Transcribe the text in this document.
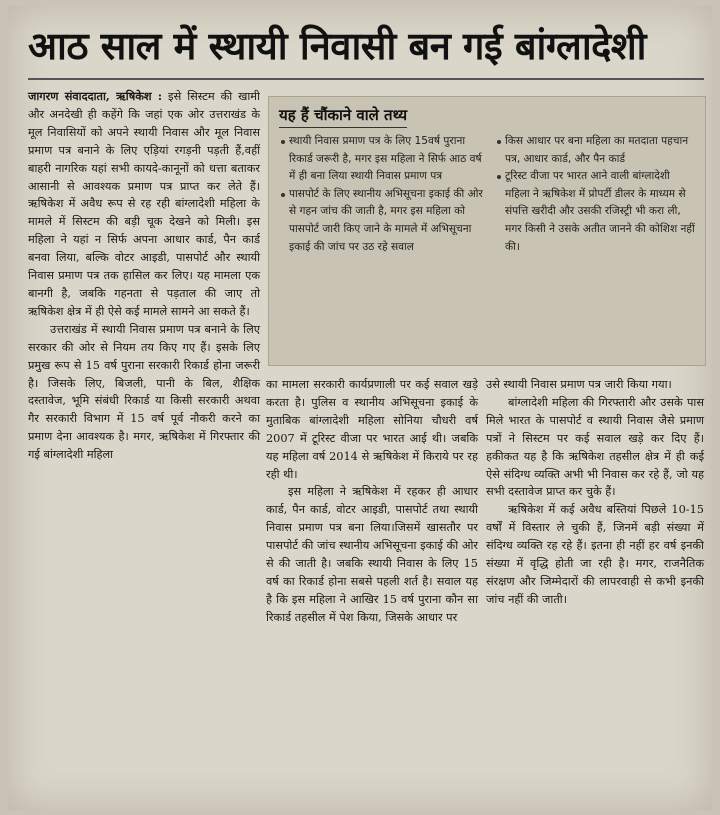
आठ साल में स्थायी निवासी बन गई बांग्लादेशी

जागरण संवाददाता, ऋषिकेश : इसे सिस्टम की खामी और अनदेखी ही कहेंगे कि जहां एक ओर उत्तराखंड के मूल निवासियों को अपने स्थायी निवास और मूल निवास प्रमाण पत्र बनाने के लिए एड़ियां रगड़नी पड़ती हैं,वहीं बाहरी नागरिक यहां सभी कायदे-कानूनों को धत्ता बताकर आसानी से आवश्यक प्रमाण पत्र प्राप्त कर लेते हैं। ऋषिकेश में अवैध रूप से रह रही बांग्लादेशी महिला के मामले में सिस्टम की बड़ी चूक देखने को मिली। इस महिला ने यहां न सिर्फ अपना आधार कार्ड, पैन कार्ड बनवा लिया, बल्कि वोटर आइडी, पासपोर्ट और स्थायी निवास प्रमाण पत्र तक हासिल कर लिए। यह मामला एक बानगी है, जबकि गहनता से पड़ताल की जाए तो ऋषिकेश क्षेत्र में ही ऐसे कई मामले सामने आ सकते हैं।

उत्तराखंड में स्थायी निवास प्रमाण पत्र बनाने के लिए सरकार की ओर से नियम तय किए गए हैं। इसके लिए प्रमुख रूप से 15 वर्ष पुराना सरकारी रिकार्ड होना जरूरी है। जिसके लिए, बिजली, पानी के बिल, शैक्षिक दस्तावेज, भूमि संबंधी रिकार्ड या किसी सरकारी अथवा गैर सरकारी विभाग में 15 वर्ष पूर्व नौकरी करने का प्रमाण देना आवश्यक है। मगर, ऋषिकेश में गिरफ्तार की गई बांग्लादेशी महिला

यह हैं चौंकाने वाले तथ्य

स्थायी निवास प्रमाण पत्र के लिए 15वर्ष पुराना रिकार्ड जरूरी है, मगर इस महिला ने सिर्फ आठ वर्ष में ही बना लिया स्थायी निवास प्रमाण पत्र

पासपोर्ट के लिए स्थानीय अभिसूचना इकाई की ओर से गहन जांच की जाती है, मगर इस महिला को पासपोर्ट जारी किए जाने के मामले में अभिसूचना इकाई की जांच पर उठ रहे सवाल

किस आधार पर बना महिला का मतदाता पहचान पत्र, आधार कार्ड, और पैन कार्ड

टूरिस्ट वीजा पर भारत आने वाली बांग्लादेशी महिला ने ऋषिकेश में प्रोपर्टी डीलर के माध्यम से संपत्ति खरीदी और उसकी रजिस्ट्री भी करा ली, मगर किसी ने उसके अतीत जानने की कोशिश नहीं की।

का मामला सरकारी कार्यप्रणाली पर कई सवाल खड़े करता है। पुलिस व स्थानीय अभिसूचना इकाई के मुताबिक बांग्लादेशी महिला सोनिया चौधरी वर्ष 2007 में टूरिस्ट वीजा पर भारत आई थी। जबकि यह महिला वर्ष 2014 से ऋषिकेश में किराये पर रह रही थी।

इस महिला ने ऋषिकेश में रहकर ही आधार कार्ड, पैन कार्ड, वोटर आइडी, पासपोर्ट तथा स्थायी निवास प्रमाण पत्र बना लिया।जिसमें खासतौर पर पासपोर्ट की जांच स्थानीय अभिसूचना इकाई की ओर से की जाती है। जबकि स्थायी निवास के लिए 15 वर्ष का रिकार्ड होना सबसे पहली शर्त है। सवाल यह है कि इस महिला ने आखिर 15 वर्ष पुराना कौन सा रिकार्ड तहसील में पेश किया, जिसके आधार पर

उसे स्थायी निवास प्रमाण पत्र जारी किया गया।

बांग्लादेशी महिला की गिरफ्तारी और उसके पास मिले भारत के पासपोर्ट व स्थायी निवास जैसे प्रमाण पत्रों ने सिस्टम पर कई सवाल खड़े कर दिए हैं। हकीकत यह है कि ऋषिकेश तहसील क्षेत्र में ही कई ऐसे संदिग्ध व्यक्ति अभी भी निवास कर रहे हैं, जो यह सभी दस्तावेज प्राप्त कर चुके हैं।

ऋषिकेश में कई अवैध बस्तियां पिछले 10-15 वर्षों में विस्तार ले चुकी हैं, जिनमें बड़ी संख्या में संदिग्ध व्यक्ति रह रहे हैं। इतना ही नहीं हर वर्ष इनकी संख्या में वृद्धि होती जा रही है। मगर, राजनैतिक संरक्षण और जिम्मेदारों की लापरवाही से कभी इनकी जांच नहीं की जाती।
